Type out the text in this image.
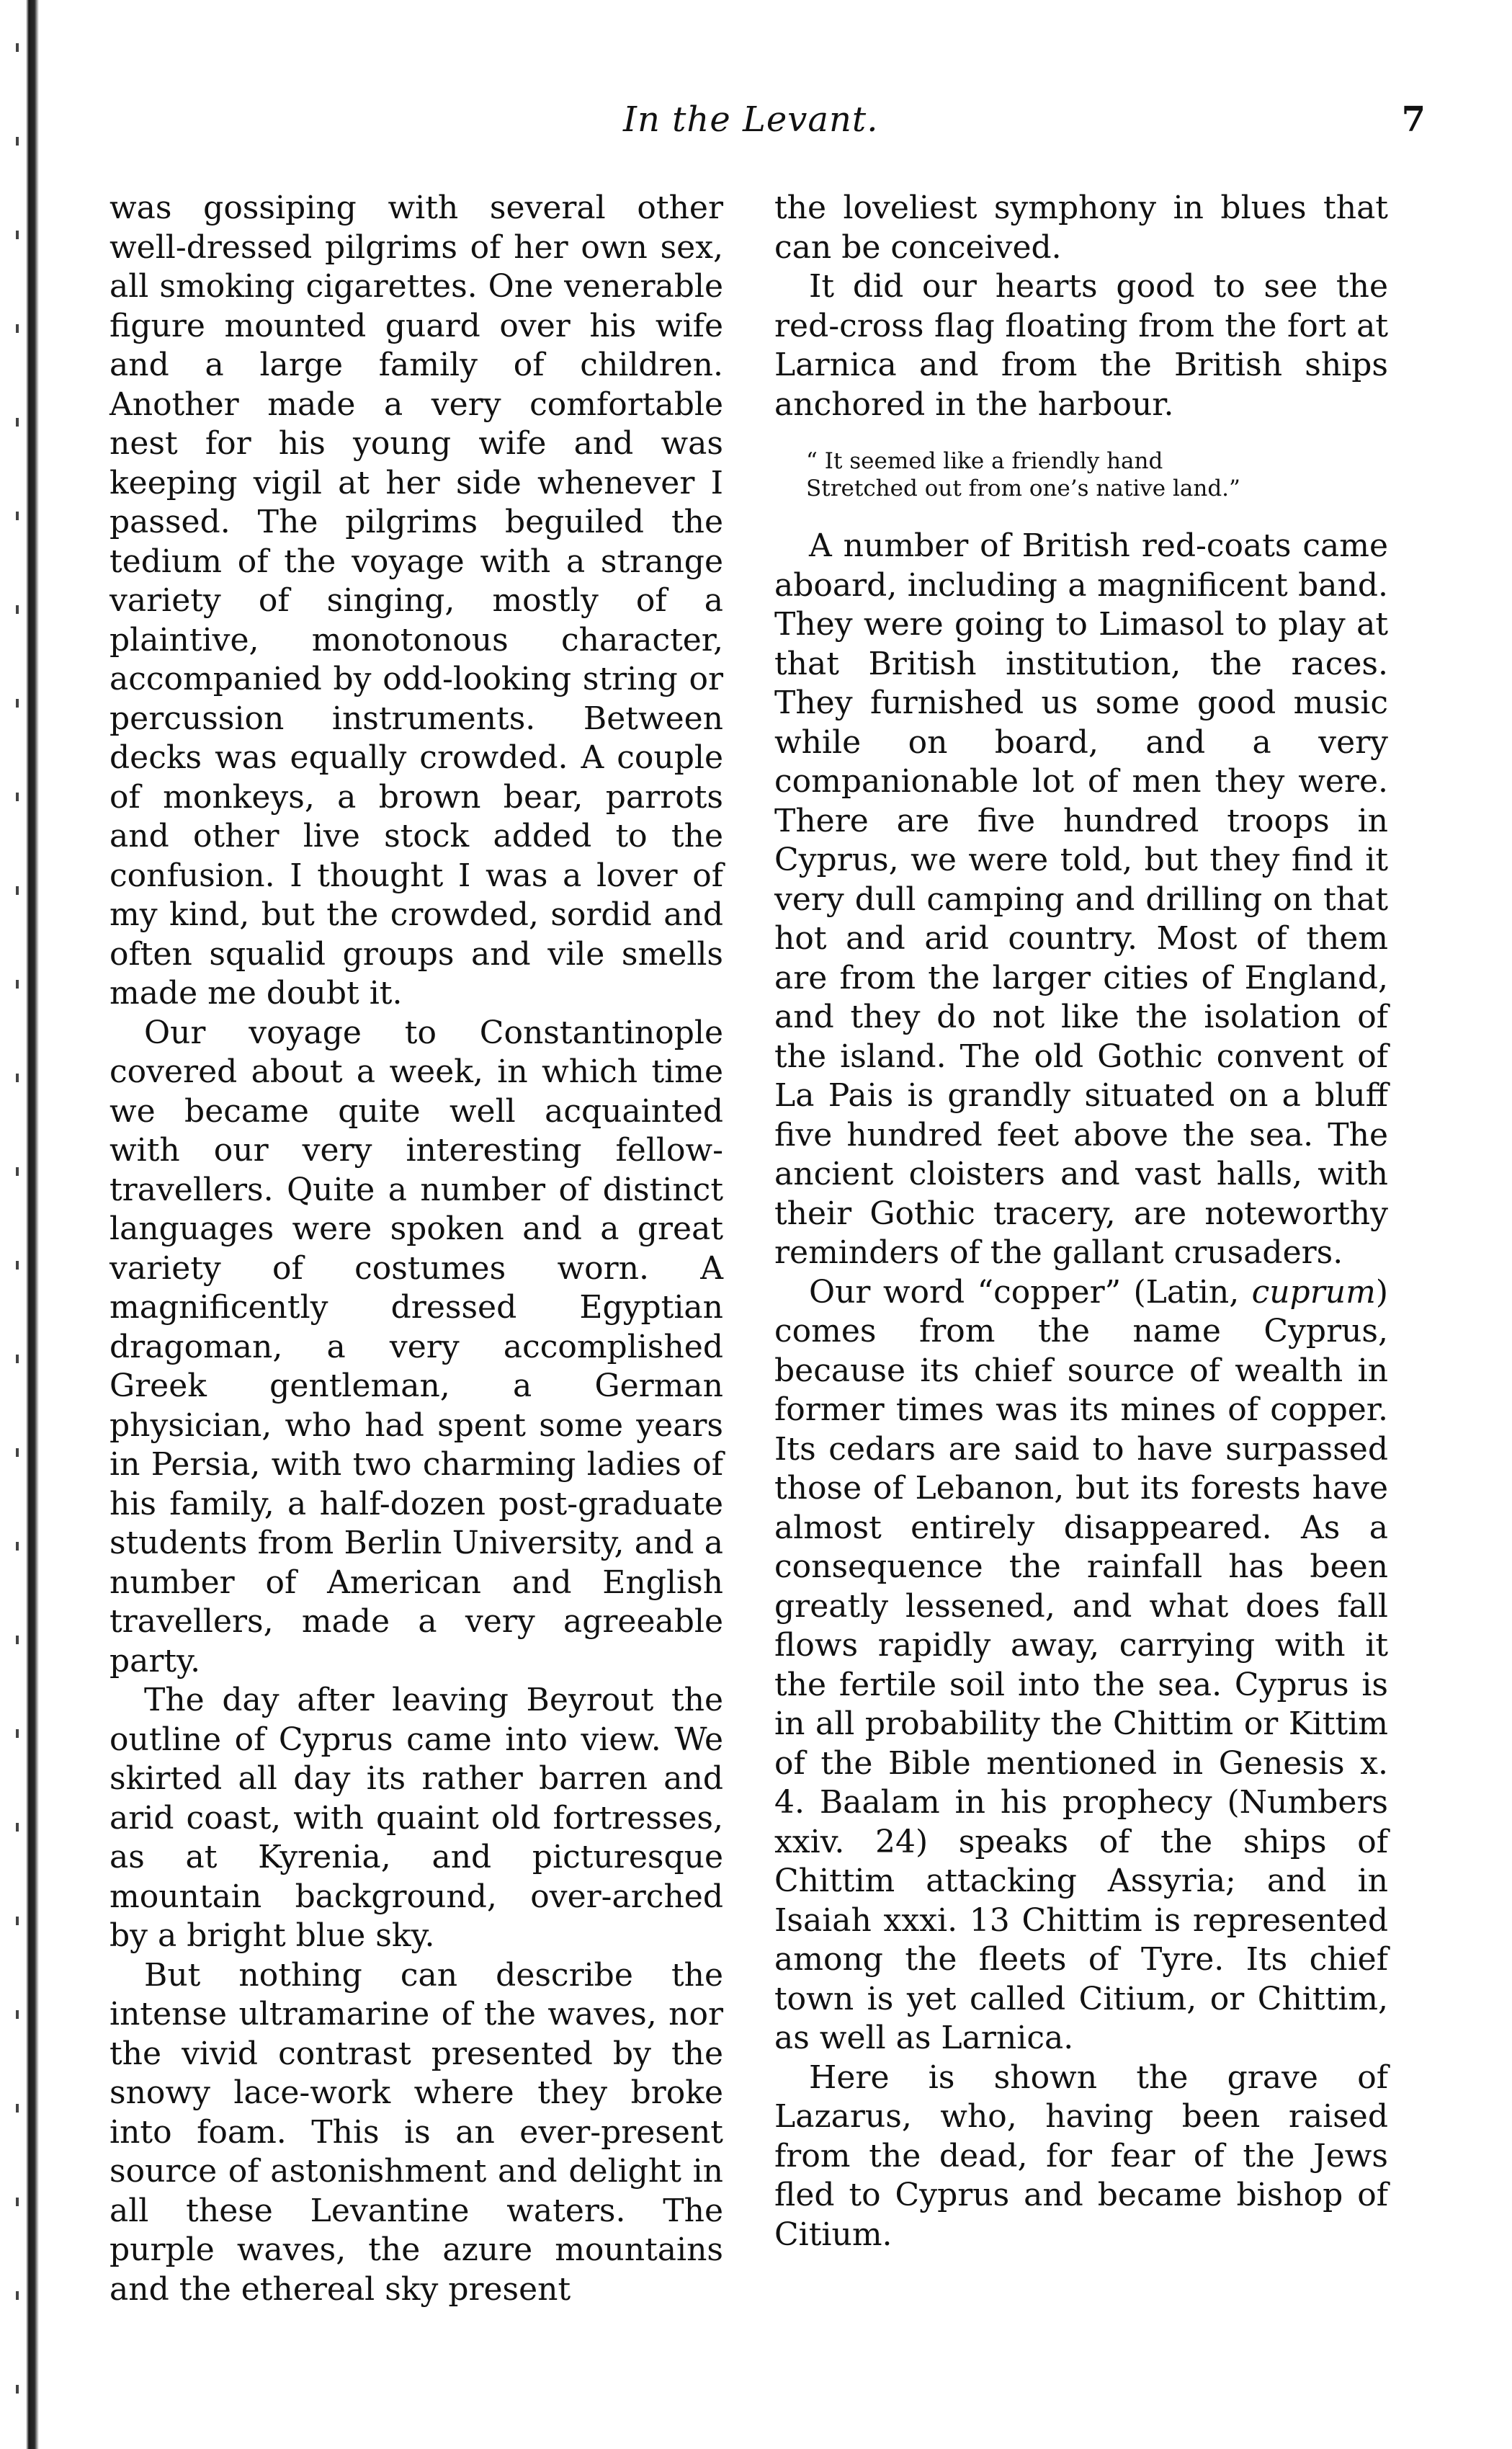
In the Levant.	7

was gossiping with several other well-dressed pilgrims of her own sex, all smoking cigarettes. One venerable figure mounted guard over his wife and a large family of children. Another made a very comfortable nest for his young wife and was keeping vigil at her side whenever I passed. The pilgrims beguiled the tedium of the voyage with a strange variety of singing, mostly of a plaintive, monotonous character, accompanied by odd-looking string or percussion instruments. Between decks was equally crowded. A couple of monkeys, a brown bear, parrots and other live stock added to the confusion. I thought I was a lover of my kind, but the crowded, sordid and often squalid groups and vile smells made me doubt it.

Our voyage to Constantinople covered about a week, in which time we became quite well acquainted with our very interesting fellow-travellers. Quite a number of distinct languages were spoken and a great variety of costumes worn. A magnificently dressed Egyptian dragoman, a very accomplished Greek gentleman, a German physician, who had spent some years in Persia, with two charming ladies of his family, a half-dozen post-graduate students from Berlin University, and a number of American and English travellers, made a very agreeable party.

The day after leaving Beyrout the outline of Cyprus came into view. We skirted all day its rather barren and arid coast, with quaint old fortresses, as at Kyrenia, and picturesque mountain background, over-arched by a bright blue sky.

But nothing can describe the intense ultramarine of the waves, nor the vivid contrast presented by the snowy lace-work where they broke into foam. This is an ever-present source of astonishment and delight in all these Levantine waters. The purple waves, the azure mountains and the ethereal sky present

the loveliest symphony in blues that can be conceived.

It did our hearts good to see the red-cross flag floating from the fort at Larnica and from the British ships anchored in the harbour.

“ It seemed like a friendly hand
Stretched out from one’s native land.”

A number of British red-coats came aboard, including a magnificent band. They were going to Limasol to play at that British institution, the races. They furnished us some good music while on board, and a very companionable lot of men they were. There are five hundred troops in Cyprus, we were told, but they find it very dull camping and drilling on that hot and arid country. Most of them are from the larger cities of England, and they do not like the isolation of the island. The old Gothic convent of La Pais is grandly situated on a bluff five hundred feet above the sea. The ancient cloisters and vast halls, with their Gothic tracery, are noteworthy reminders of the gallant crusaders.

Our word “copper” (Latin, cuprum) comes from the name Cyprus, because its chief source of wealth in former times was its mines of copper. Its cedars are said to have surpassed those of Lebanon, but its forests have almost entirely disappeared. As a consequence the rainfall has been greatly lessened, and what does fall flows rapidly away, carrying with it the fertile soil into the sea. Cyprus is in all probability the Chittim or Kittim of the Bible mentioned in Genesis x. 4. Baalam in his prophecy (Numbers xxiv. 24) speaks of the ships of Chittim attacking Assyria; and in Isaiah xxxi. 13 Chittim is represented among the fleets of Tyre. Its chief town is yet called Citium, or Chittim, as well as Larnica.

Here is shown the grave of Lazarus, who, having been raised from the dead, for fear of the Jews fled to Cyprus and became bishop of Citium.
